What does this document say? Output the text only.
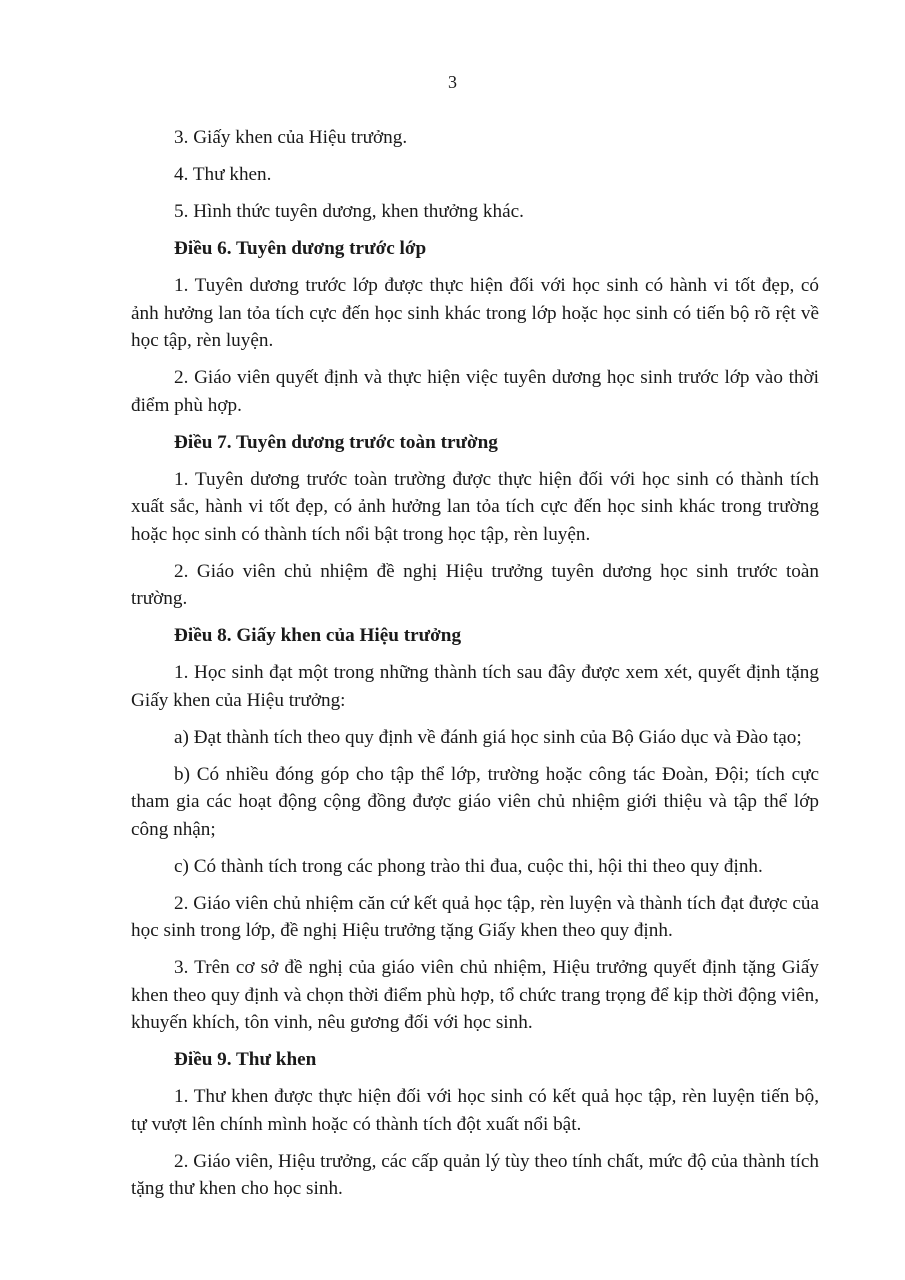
3

3. Giấy khen của Hiệu trưởng.

4. Thư khen.

5. Hình thức tuyên dương, khen thưởng khác.

Điều 6. Tuyên dương trước lớp

1. Tuyên dương trước lớp được thực hiện đối với học sinh có hành vi tốt đẹp, có ảnh hưởng lan tỏa tích cực đến học sinh khác trong lớp hoặc học sinh có tiến bộ rõ rệt về học tập, rèn luyện.

2. Giáo viên quyết định và thực hiện việc tuyên dương học sinh trước lớp vào thời điểm phù hợp.

Điều 7. Tuyên dương trước toàn trường

1. Tuyên dương trước toàn trường được thực hiện đối với học sinh có thành tích xuất sắc, hành vi tốt đẹp, có ảnh hưởng lan tỏa tích cực đến học sinh khác trong trường hoặc học sinh có thành tích nổi bật trong học tập, rèn luyện.

2. Giáo viên chủ nhiệm đề nghị Hiệu trưởng tuyên dương học sinh trước toàn trường.

Điều 8. Giấy khen của Hiệu trưởng

1. Học sinh đạt một trong những thành tích sau đây được xem xét, quyết định tặng Giấy khen của Hiệu trưởng:

a) Đạt thành tích theo quy định về đánh giá học sinh của Bộ Giáo dục và Đào tạo;

b) Có nhiều đóng góp cho tập thể lớp, trường hoặc công tác Đoàn, Đội; tích cực tham gia các hoạt động cộng đồng được giáo viên chủ nhiệm giới thiệu và tập thể lớp công nhận;

c) Có thành tích trong các phong trào thi đua, cuộc thi, hội thi theo quy định.

2. Giáo viên chủ nhiệm căn cứ kết quả học tập, rèn luyện và thành tích đạt được của học sinh trong lớp, đề nghị Hiệu trưởng tặng Giấy khen theo quy định.

3. Trên cơ sở đề nghị của giáo viên chủ nhiệm, Hiệu trưởng quyết định tặng Giấy khen theo quy định và chọn thời điểm phù hợp, tổ chức trang trọng để kịp thời động viên, khuyến khích, tôn vinh, nêu gương đối với học sinh.

Điều 9. Thư khen

1. Thư khen được thực hiện đối với học sinh có kết quả học tập, rèn luyện tiến bộ, tự vượt lên chính mình hoặc có thành tích đột xuất nổi bật.

2. Giáo viên, Hiệu trưởng, các cấp quản lý tùy theo tính chất, mức độ của thành tích tặng thư khen cho học sinh.
